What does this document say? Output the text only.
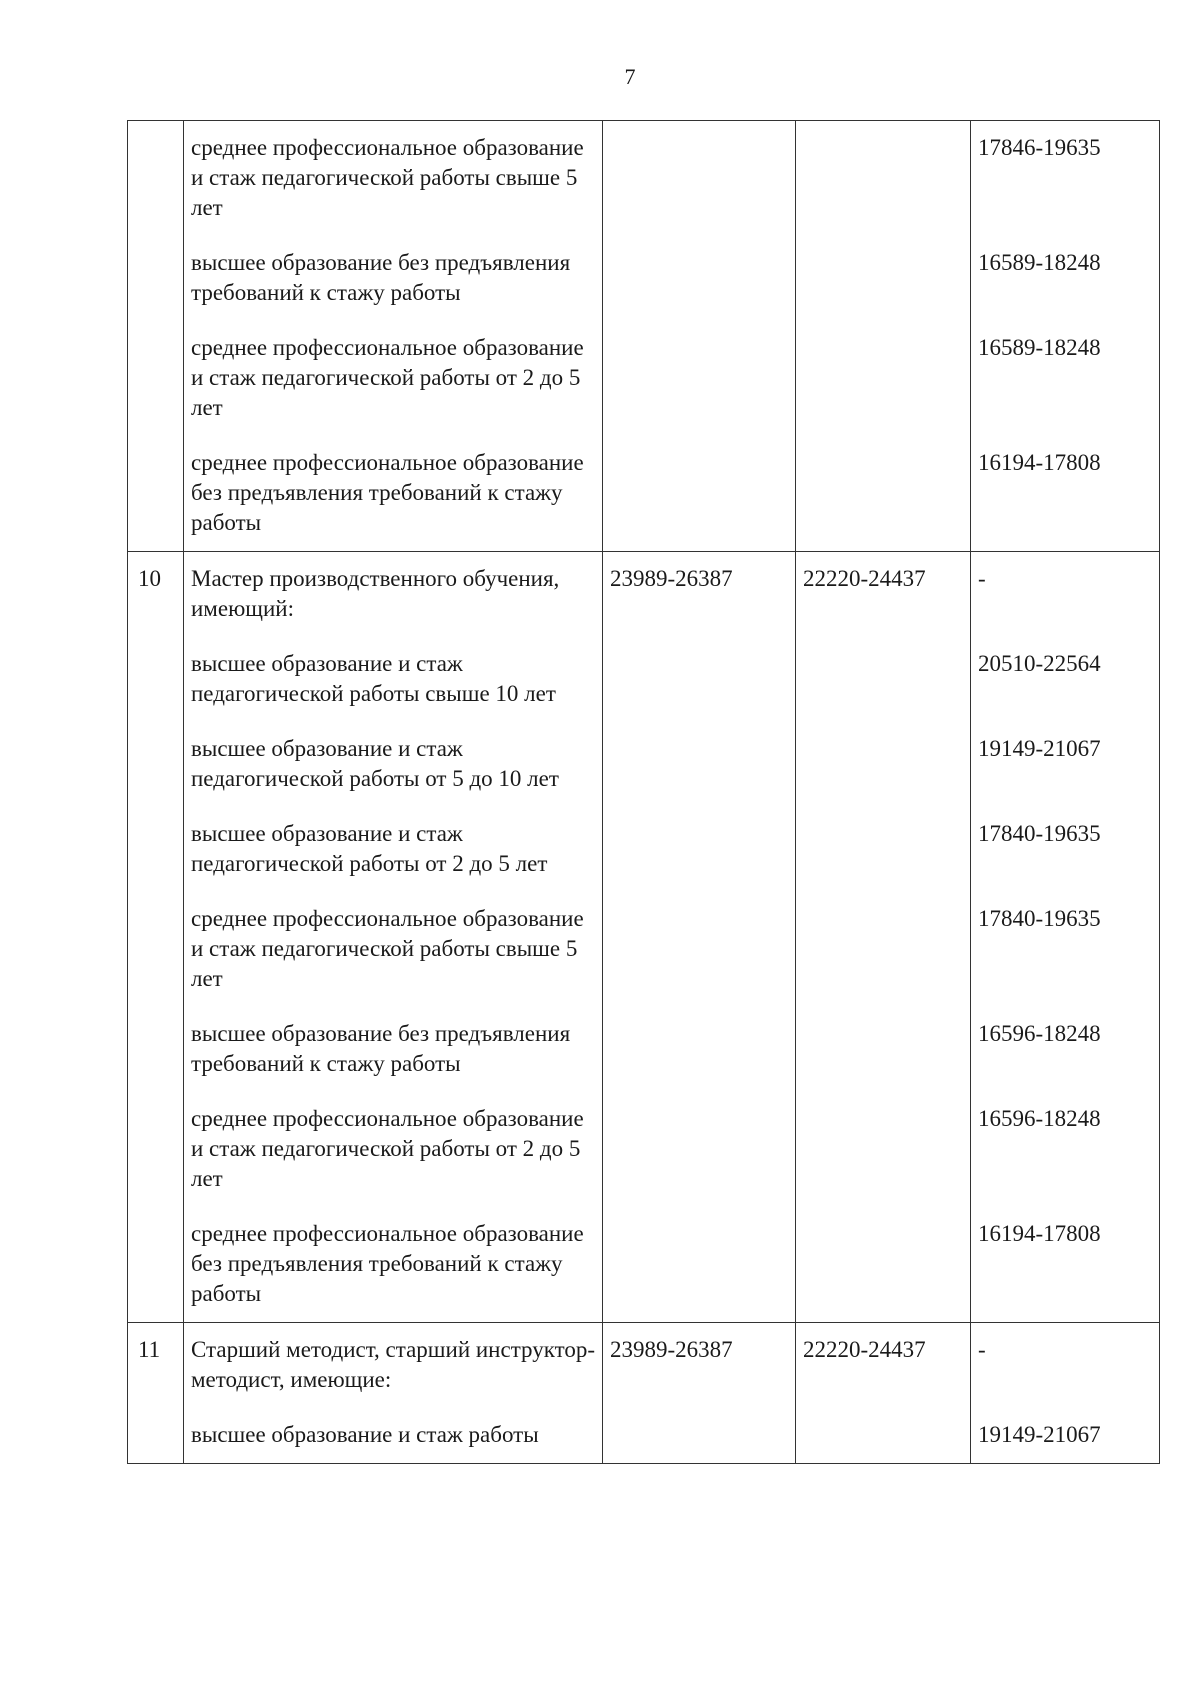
7
	среднее профессиональное образование и стаж педагогической работы свыше 5 лет			17846-19635
	высшее образование без предъявления требований к стажу работы			16589-18248
	среднее профессиональное образование и стаж педагогической работы от 2 до 5 лет			16589-18248
	среднее профессиональное образование без предъявления требований к стажу работы			16194-17808
10	Мастер производственного обучения, имеющий:	23989-26387	22220-24437	-
	высшее образование и стаж педагогической работы свыше 10 лет			20510-22564
	высшее образование и стаж педагогической работы от 5 до 10 лет			19149-21067
	высшее образование и стаж педагогической работы от 2 до 5 лет			17840-19635
	среднее профессиональное образование и стаж педагогической работы свыше 5 лет			17840-19635
	высшее образование без предъявления требований к стажу работы			16596-18248
	среднее профессиональное образование и стаж педагогической работы от 2 до 5 лет			16596-18248
	среднее профессиональное образование без предъявления требований к стажу работы			16194-17808
11	Старший методист, старший инструктор-методист, имеющие:	23989-26387	22220-24437	-
	высшее образование и стаж работы			19149-21067
